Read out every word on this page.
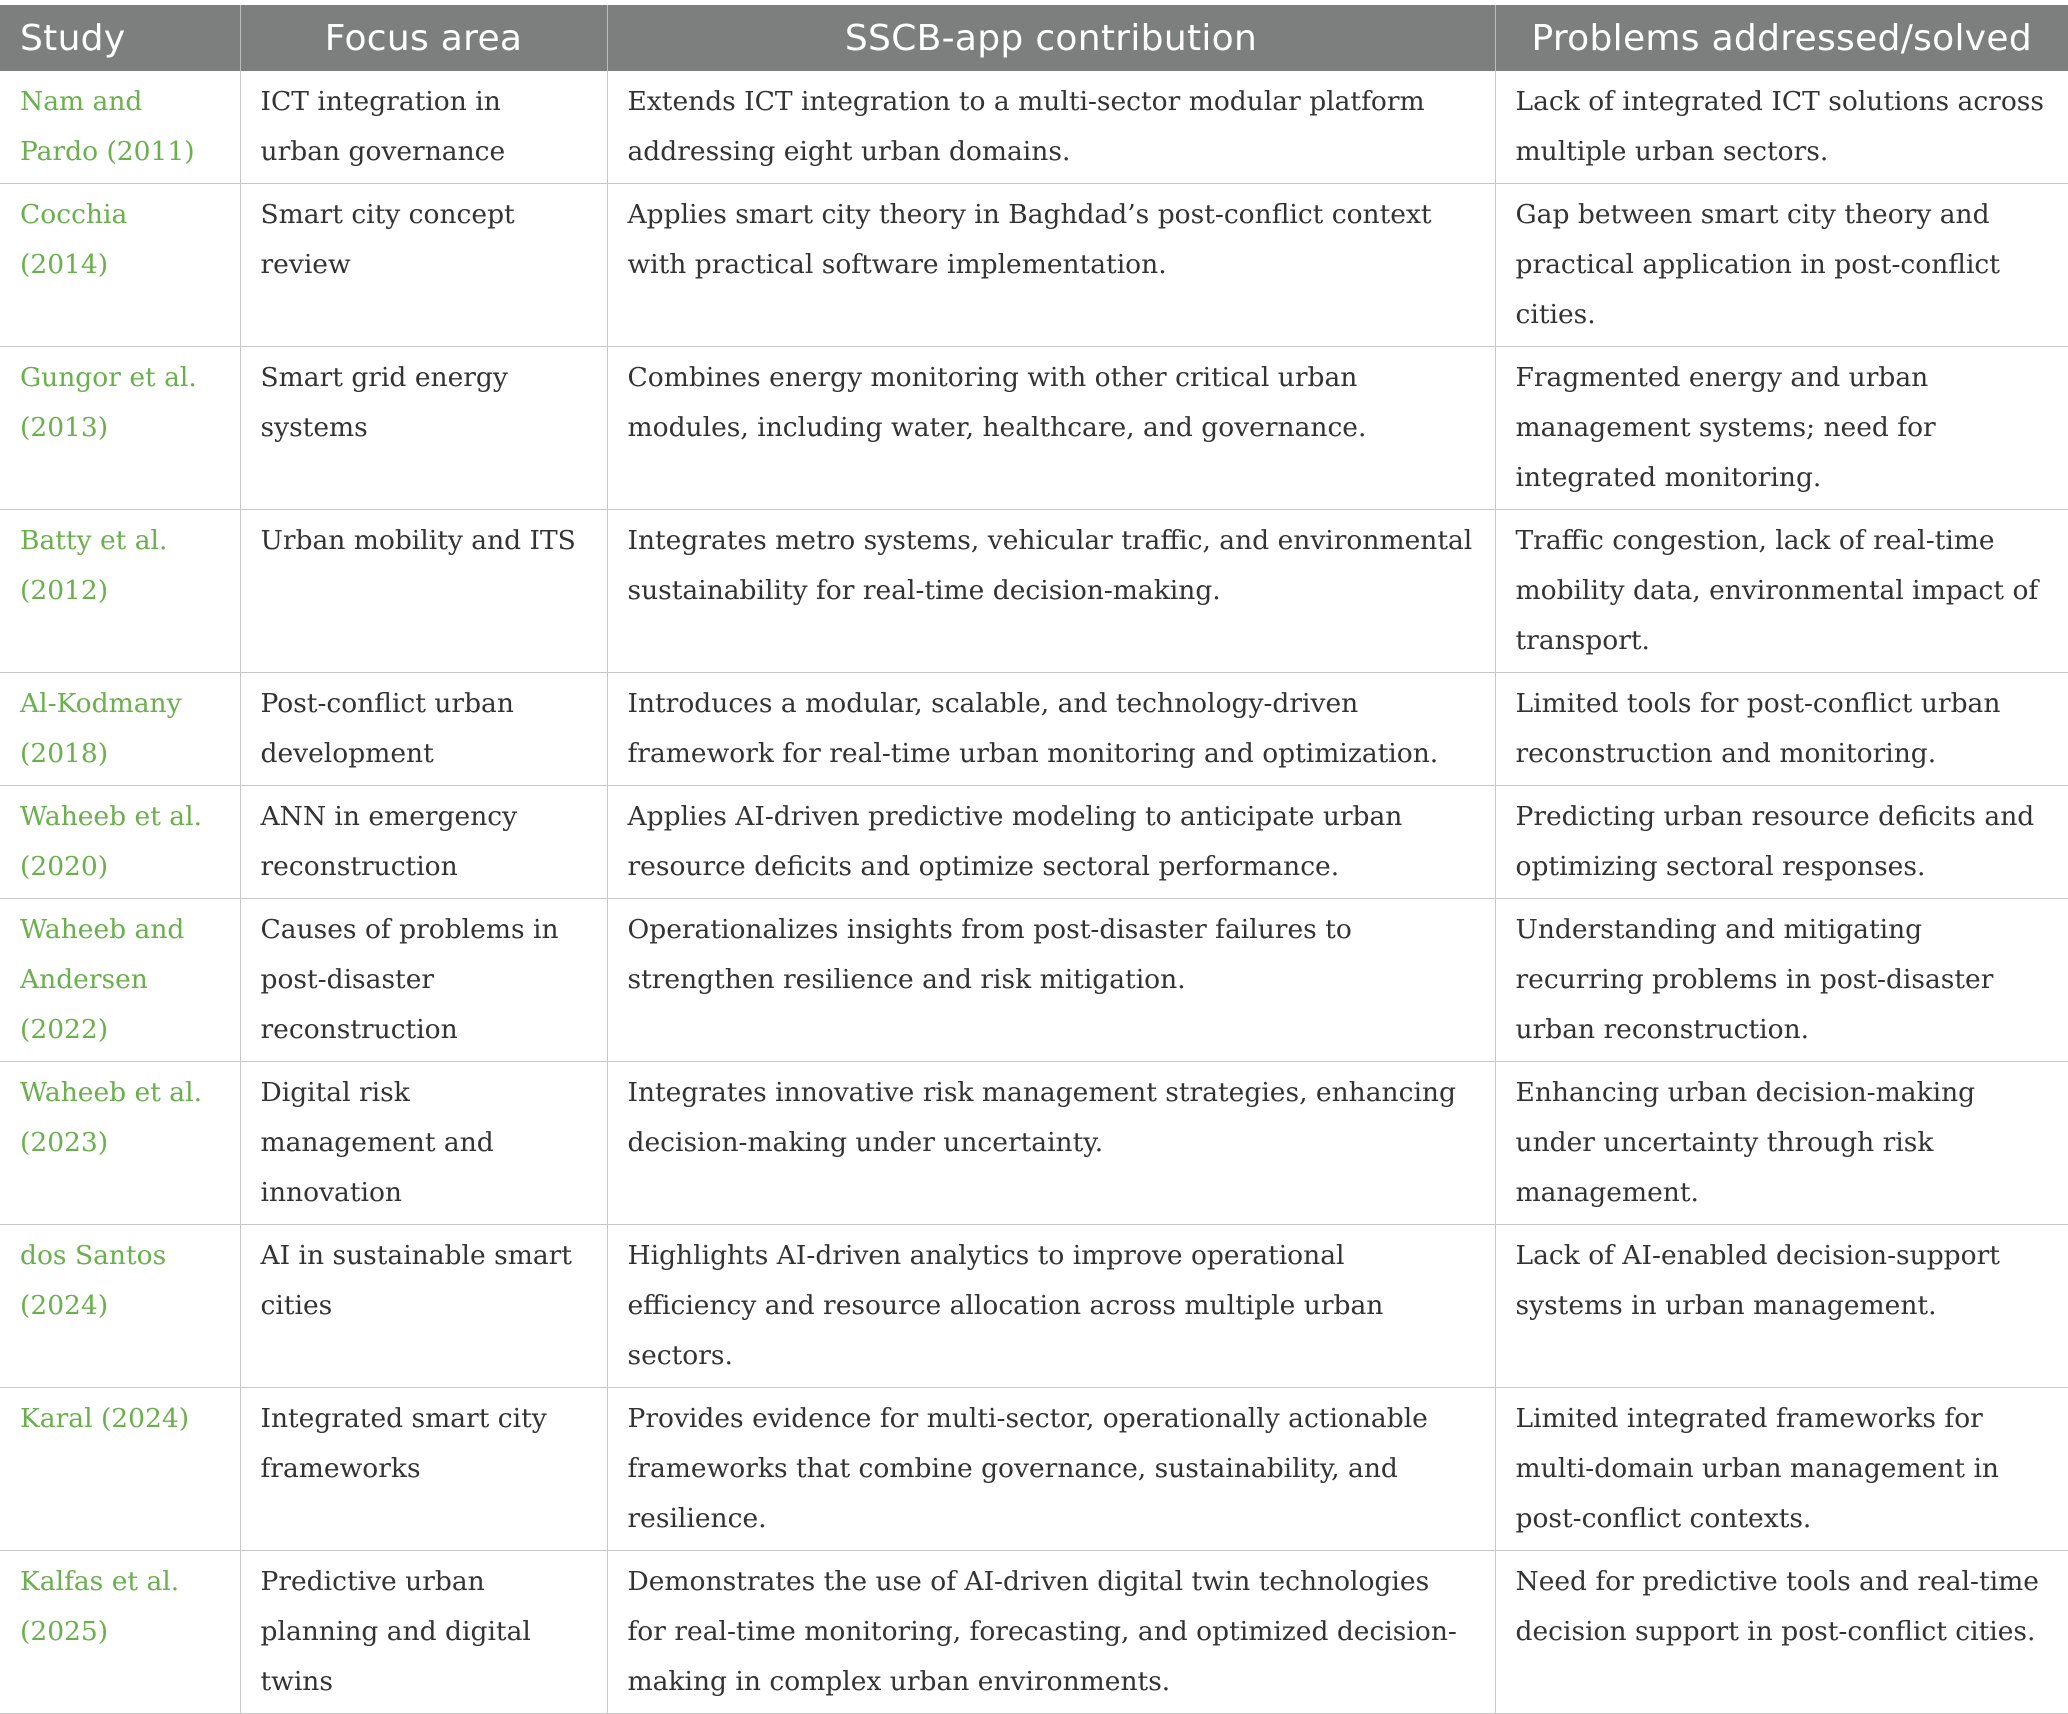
Study	Focus area	SSCB-app contribution	Problems addressed/solved
Nam and Pardo (2011)	ICT integration in urban governance	Extends ICT integration to a multi-sector modular platform addressing eight urban domains.	Lack of integrated ICT solutions across multiple urban sectors.
Cocchia (2014)	Smart city concept review	Applies smart city theory in Baghdad’s post-conflict context with practical software implementation.	Gap between smart city theory and practical application in post-conflict cities.
Gungor et al. (2013)	Smart grid energy systems	Combines energy monitoring with other critical urban modules, including water, healthcare, and governance.	Fragmented energy and urban management systems; need for integrated monitoring.
Batty et al. (2012)	Urban mobility and ITS	Integrates metro systems, vehicular traffic, and environmental sustainability for real-time decision-making.	Traffic congestion, lack of real-time mobility data, environmental impact of transport.
Al-Kodmany (2018)	Post-conflict urban development	Introduces a modular, scalable, and technology-driven framework for real-time urban monitoring and optimization.	Limited tools for post-conflict urban reconstruction and monitoring.
Waheeb et al. (2020)	ANN in emergency reconstruction	Applies AI-driven predictive modeling to anticipate urban resource deficits and optimize sectoral performance.	Predicting urban resource deficits and optimizing sectoral responses.
Waheeb and Andersen (2022)	Causes of problems in post-disaster reconstruction	Operationalizes insights from post-disaster failures to strengthen resilience and risk mitigation.	Understanding and mitigating recurring problems in post-disaster urban reconstruction.
Waheeb et al. (2023)	Digital risk management and innovation	Integrates innovative risk management strategies, enhancing decision-making under uncertainty.	Enhancing urban decision-making under uncertainty through risk management.
dos Santos (2024)	AI in sustainable smart cities	Highlights AI-driven analytics to improve operational efficiency and resource allocation across multiple urban sectors.	Lack of AI-enabled decision-support systems in urban management.
Karal (2024)	Integrated smart city frameworks	Provides evidence for multi-sector, operationally actionable frameworks that combine governance, sustainability, and resilience.	Limited integrated frameworks for multi-domain urban management in post-conflict contexts.
Kalfas et al. (2025)	Predictive urban planning and digital twins	Demonstrates the use of AI-driven digital twin technologies for real-time monitoring, forecasting, and optimized decision-making in complex urban environments.	Need for predictive tools and real-time decision support in post-conflict cities.
